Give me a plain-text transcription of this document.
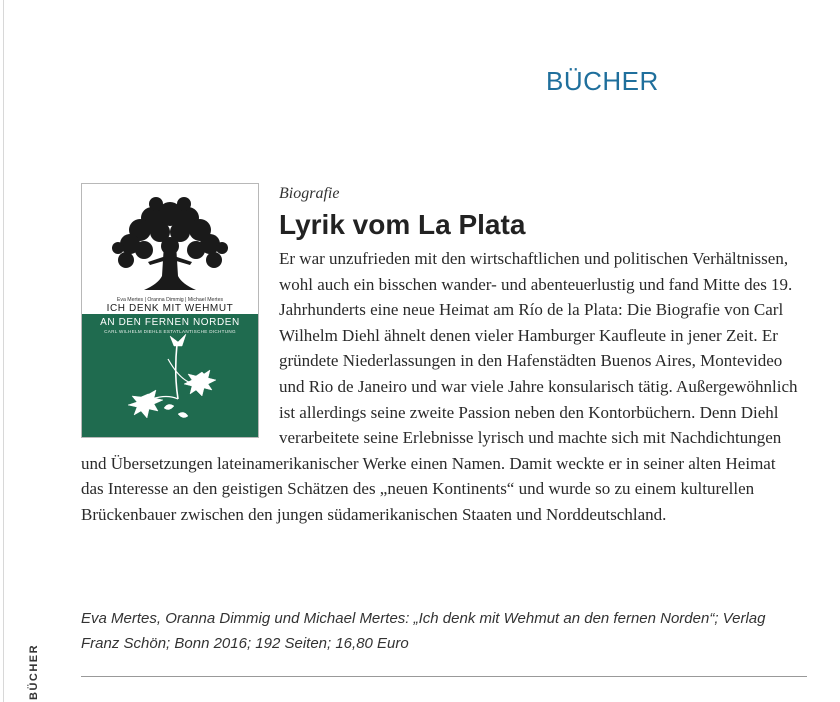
BÜCHER
BÜCHER
Eva Mertes | Oranna Dimmig | Michael Mertes
ICH DENK MIT WEHMUT
AN DEN FERNEN NORDEN
CARL WILHELM DIEHLS ESTATLANTISCHE DICHTUNG
Biografie
Lyrik vom La Plata

Er war unzufrieden mit den wirtschaftlichen und politischen Verhältnissen, wohl auch ein bisschen wander- und abenteuerlustig und fand Mitte des 19. Jahrhunderts eine neue Heimat am Río de la Plata: Die Biografie von Carl Wilhelm Diehl ähnelt denen vieler Hamburger Kaufleute in jener Zeit. Er gründete Niederlassungen in den Hafenstädten Buenos Aires, Montevideo und Rio de Janeiro und war viele Jahre konsularisch tätig. Außergewöhnlich ist allerdings seine zweite Passion neben den Kontorbüchern. Denn Diehl verarbeitete seine Erlebnisse lyrisch und machte sich mit Nachdichtungen und Übersetzungen lateinamerikanischer Werke einen Namen. Damit weckte er in seiner alten Heimat das Interesse an den geistigen Schätzen des „neuen Kontinents“ und wurde so zu einem kulturellen Brückenbauer zwischen den jungen südamerikanischen Staaten und Norddeutschland.

Eva Mertes, Oranna Dimmig und Michael Mertes: „Ich denk mit Wehmut an den fernen Norden“; Verlag Franz Schön; Bonn 2016; 192 Seiten; 16,80 Euro
